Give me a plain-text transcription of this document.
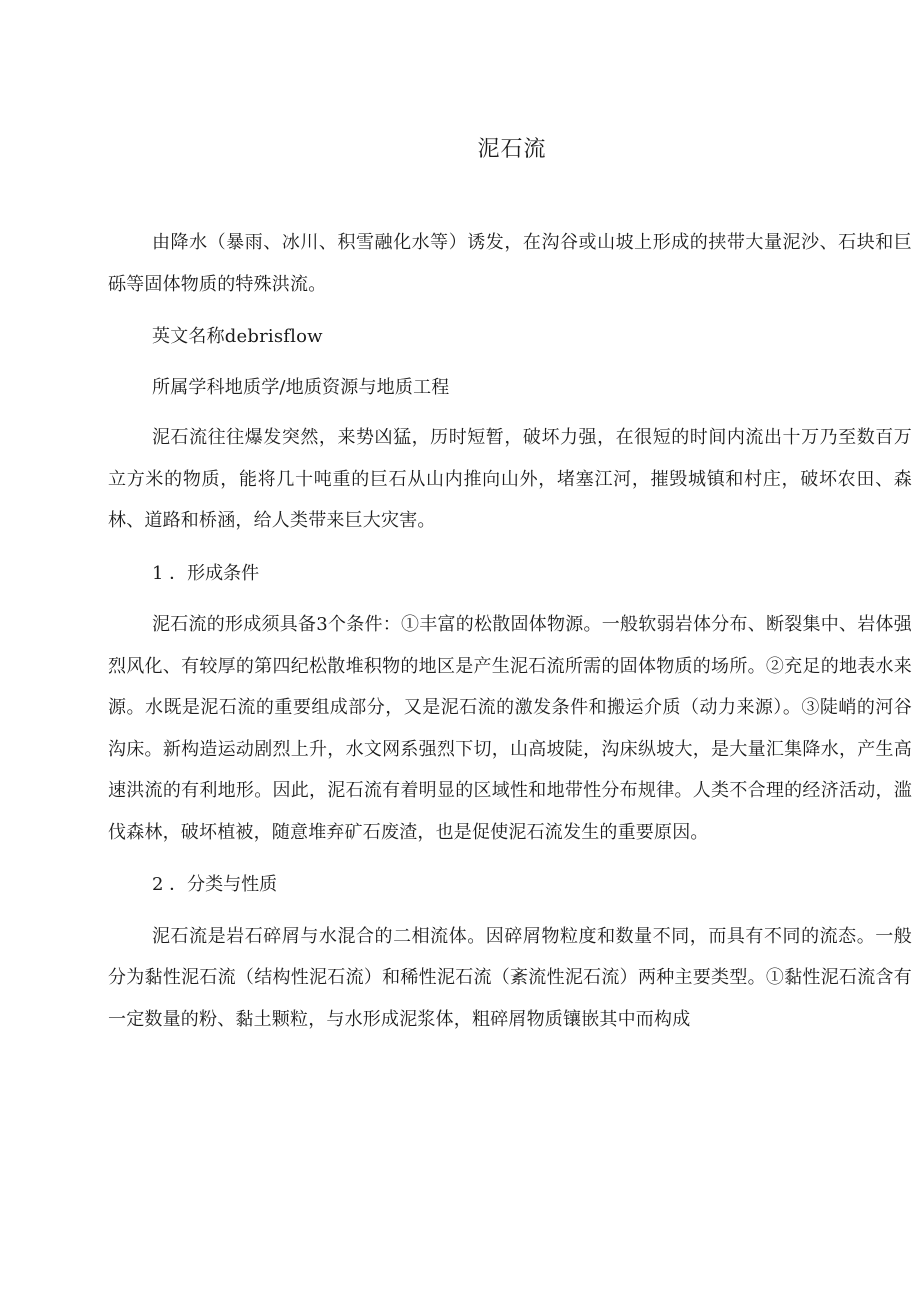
泥石流

由降水（暴雨、冰川、积雪融化水等）诱发，在沟谷或山坡上形成的挟带大量泥沙、石块和巨砾等固体物质的特殊洪流。

英文名称debrisflow

所属学科地质学/地质资源与地质工程

泥石流往往爆发突然，来势凶猛，历时短暂，破坏力强，在很短的时间内流出十万乃至数百万立方米的物质，能将几十吨重的巨石从山内推向山外，堵塞江河，摧毁城镇和村庄，破坏农田、森林、道路和桥涵，给人类带来巨大灾害。

1 ．形成条件

泥石流的形成须具备3个条件：①丰富的松散固体物源。一般软弱岩体分布、断裂集中、岩体强烈风化、有较厚的第四纪松散堆积物的地区是产生泥石流所需的固体物质的场所。②充足的地表水来源。水既是泥石流的重要组成部分，又是泥石流的激发条件和搬运介质（动力来源）。③陡峭的河谷沟床。新构造运动剧烈上升，水文网系强烈下切，山高坡陡，沟床纵坡大，是大量汇集降水，产生高速洪流的有利地形。因此，泥石流有着明显的区域性和地带性分布规律。人类不合理的经济活动，滥伐森林，破坏植被，随意堆弃矿石废渣，也是促使泥石流发生的重要原因。

2 ．分类与性质

泥石流是岩石碎屑与水混合的二相流体。因碎屑物粒度和数量不同，而具有不同的流态。一般分为黏性泥石流（结构性泥石流）和稀性泥石流（紊流性泥石流）两种主要类型。①黏性泥石流含有一定数量的粉、黏土颗粒，与水形成泥浆体，粗碎屑物质镶嵌其中而构成
